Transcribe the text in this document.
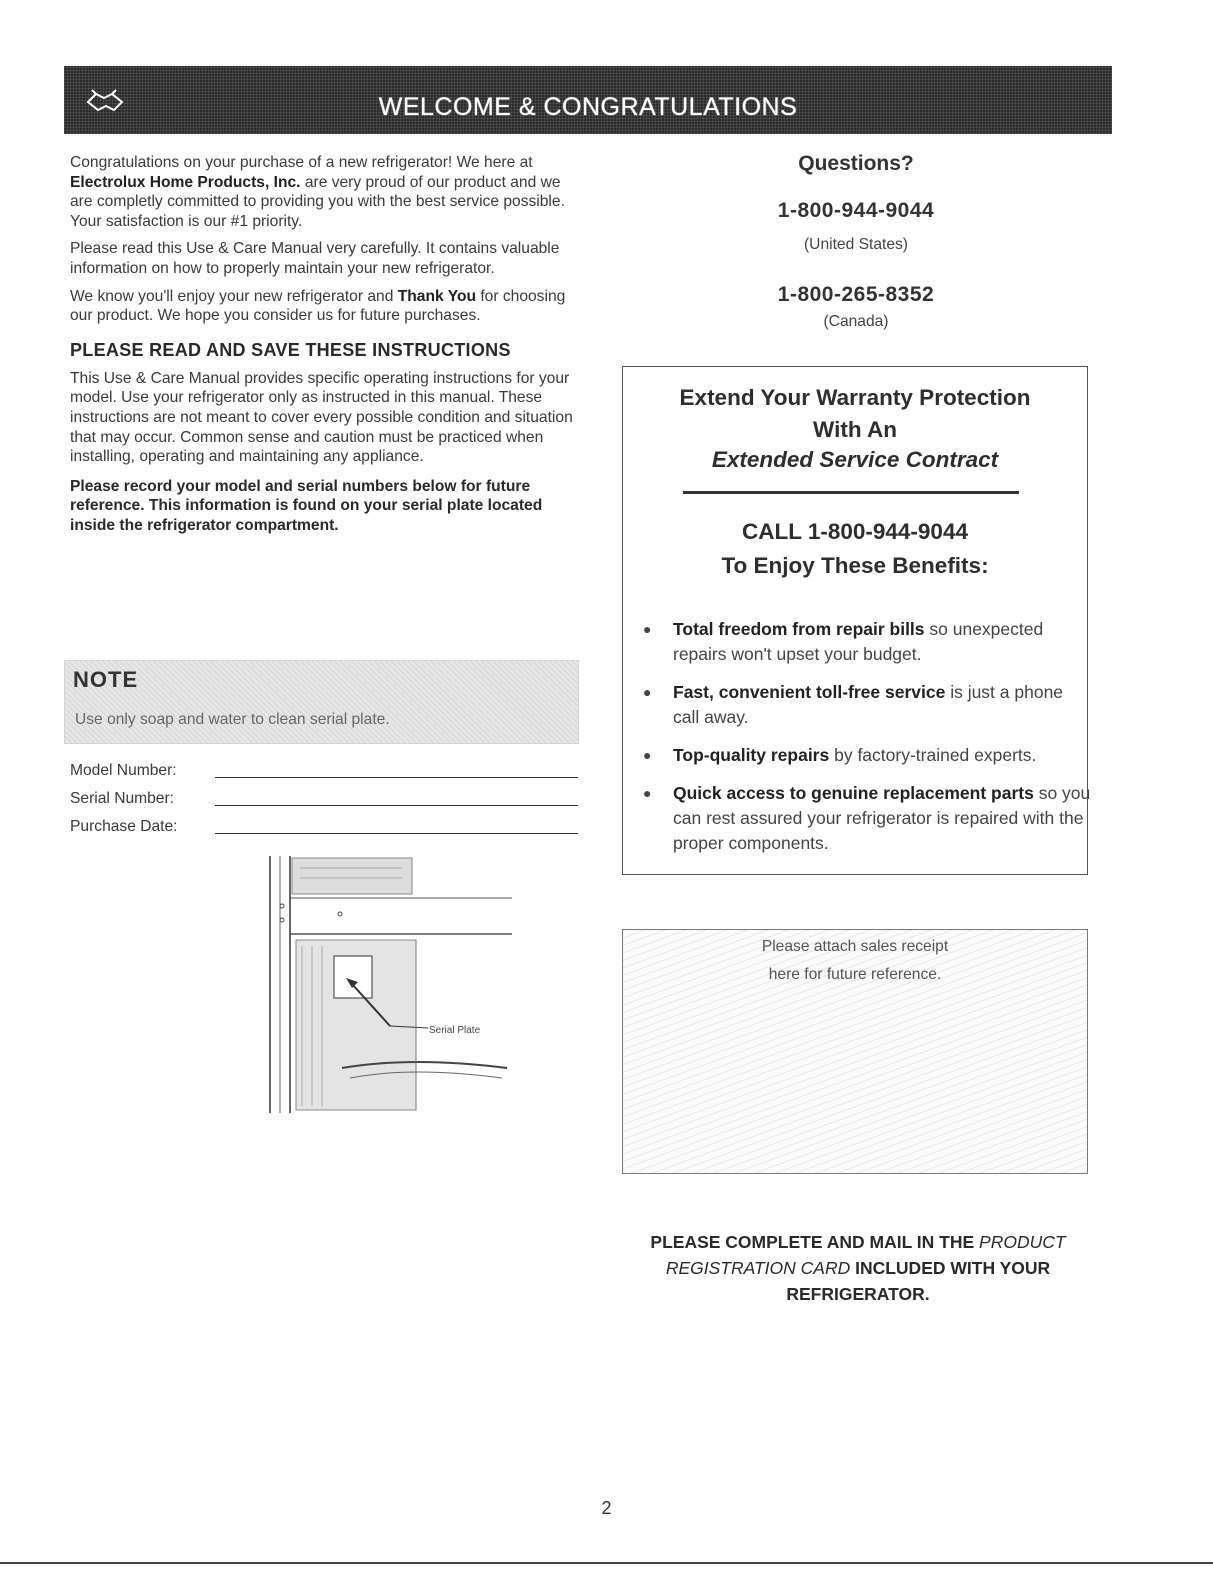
WELCOME & CONGRATULATIONS

Congratulations on your purchase of a new refrigerator! We here at Electrolux Home Products, Inc. are very proud of our product and we are completly committed to providing you with the best service possible. Your satisfaction is our #1 priority.

Please read this Use & Care Manual very carefully. It contains valuable information on how to properly maintain your new refrigerator.

We know you'll enjoy your new refrigerator and Thank You for choosing our product. We hope you consider us for future purchases.

PLEASE READ AND SAVE THESE INSTRUCTIONS

This Use & Care Manual provides specific operating instructions for your model. Use your refrigerator only as instructed in this manual. These instructions are not meant to cover every possible condition and situation that may occur. Common sense and caution must be practiced when installing, operating and maintaining any appliance.

Please record your model and serial numbers below for future reference. This information is found on your serial plate located inside the refrigerator compartment.

NOTE
Use only soap and water to clean serial plate.
Model Number:
Serial Number:
Purchase Date:
Serial Plate
Questions?
1-800-944-9044
(United States)
1-800-265-8352
(Canada)
Extend Your Warranty Protection
With An
Extended Service Contract
CALL 1-800-944-9044
To Enjoy These Benefits:
● Total freedom from repair bills so unexpected repairs won't upset your budget.
● Fast, convenient toll-free service is just a phone call away.
● Top-quality repairs by factory-trained experts.
● Quick access to genuine replacement parts so you can rest assured your refrigerator is repaired with the proper components.
Please attach sales receipt
here for future reference.
PLEASE COMPLETE AND MAIL IN THE PRODUCT REGISTRATION CARD INCLUDED WITH YOUR REFRIGERATOR.
2
